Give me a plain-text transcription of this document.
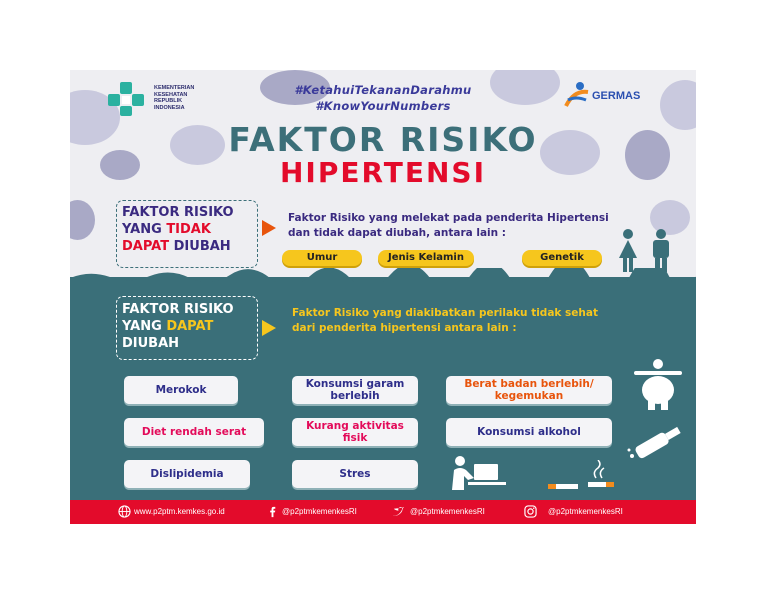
KEMENTERIAN
KESEHATAN
REPUBLIK
INDONESIA
#KetahuiTekananDarahmu
#KnowYourNumbers
GERMAS
FAKTOR RISIKO
HIPERTENSI
FAKTOR RISIKO
YANG TIDAK
DAPAT DIUBAH
Faktor Risiko yang melekat pada penderita Hipertensi
dan tidak dapat diubah, antara lain :
Umur	Jenis Kelamin	Genetik
FAKTOR RISIKO
YANG DAPAT
DIUBAH
Faktor Risiko yang diakibatkan perilaku tidak sehat
dari penderita hipertensi antara lain :
Merokok	Konsumsi garam berlebih
Berat badan berlebih/ kegemukan
Diet rendah serat	Kurang aktivitas fisik	Konsumsi alkohol
Dislipidemia	Stres
www.p2ptm.kemkes.go.id	@p2ptmkemenkesRI	@p2ptmkemenkesRI	@p2ptmkemenkesRI
